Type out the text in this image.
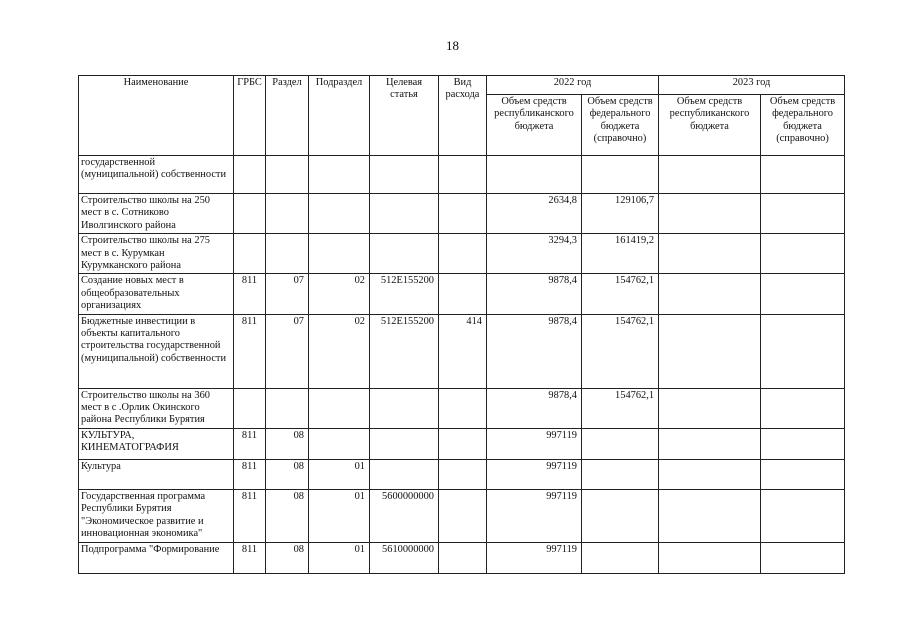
18
Наименование	ГРБС	Раздел	Подраздел	Целевая статья	Вид расхода	2022 год		2023 год	
						Объем средств республиканского бюджета	Объем средств федерального бюджета (справочно)	Объем средств республиканского бюджета	Объем средств федерального бюджета (справочно)
государственной (муниципальной) собственности									
Строительство школы на 250 мест в с. Сотниково Иволгинского района						2634,8	129106,7		
Строительство школы на 275 мест в с. Курумкан Курумканского района						3294,3	161419,2		
Создание новых мест в общеобразовательных организациях	811	07	02	512E155200		9878,4	154762,1		
Бюджетные инвестиции в объекты капитального строительства государственной (муниципальной) собственности	811	07	02	512E155200	414	9878,4	154762,1		
Строительство школы на 360 мест в с .Орлик Окинского района Республики Бурятия						9878,4	154762,1		
КУЛЬТУРА, КИНЕМАТОГРАФИЯ	811	08				997119			
Культура	811	08	01			997119			
Государственная программа Республики Бурятия "Экономическое развитие и инновационная экономика"	811	08	01	5600000000		997119			
Подпрограмма "Формирование	811	08	01	5610000000		997119			
